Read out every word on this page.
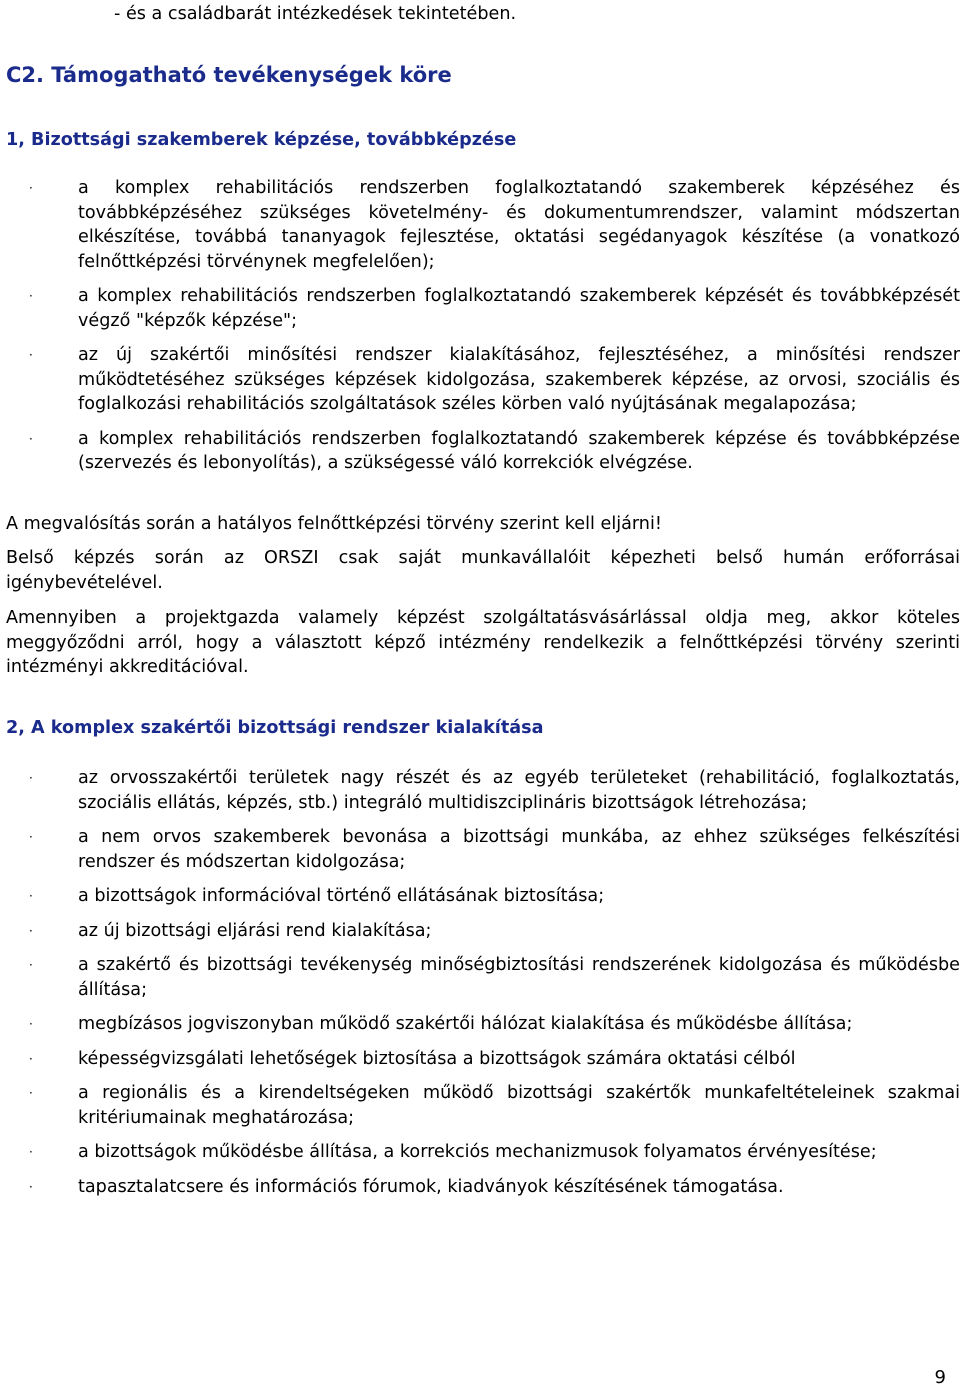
- és a családbarát intézkedések tekintetében.
C2. Támogatható tevékenységek köre
1, Bizottsági szakemberek képzése, továbbképzése
·	a komplex rehabilitációs rendszerben foglalkoztatandó szakemberek képzéséhez és továbbképzéséhez szükséges követelmény- és dokumentumrendszer, valamint módszertan elkészítése, továbbá tananyagok fejlesztése, oktatási segédanyagok készítése (a vonatkozó felnőttképzési törvénynek megfelelően);
·	a komplex rehabilitációs rendszerben foglalkoztatandó szakemberek képzését és továbbképzését végző "képzők képzése";
·	az új szakértői minősítési rendszer kialakításához, fejlesztéséhez, a minősítési rendszer működtetéséhez szükséges képzések kidolgozása, szakemberek képzése, az orvosi, szociális és foglalkozási rehabilitációs szolgáltatások széles körben való nyújtásának megalapozása;
·	a komplex rehabilitációs rendszerben foglalkoztatandó szakemberek képzése és továbbképzése (szervezés és lebonyolítás), a szükségessé váló korrekciók elvégzése.

A megvalósítás során a hatályos felnőttképzési törvény szerint kell eljárni!

Belső képzés során az ORSZI csak saját munkavállalóit képezheti belső humán erőforrásai igénybevételével.

Amennyiben a projektgazda valamely képzést szolgáltatásvásárlással oldja meg, akkor köteles meggyőződni arról, hogy a választott képző intézmény rendelkezik a felnőttképzési törvény szerinti intézményi akkreditációval.

2, A komplex szakértői bizottsági rendszer kialakítása
·	az orvosszakértői területek nagy részét és az egyéb területeket (rehabilitáció, foglalkoztatás, szociális ellátás, képzés, stb.) integráló multidiszciplináris bizottságok létrehozása;
·	a nem orvos szakemberek bevonása a bizottsági munkába, az ehhez szükséges felkészítési rendszer és módszertan kidolgozása;
·	a bizottságok információval történő ellátásának biztosítása;
·	az új bizottsági eljárási rend kialakítása;
·	a szakértő és bizottsági tevékenység minőségbiztosítási rendszerének kidolgozása és működésbe állítása;
·	megbízásos jogviszonyban működő szakértői hálózat kialakítása és működésbe állítása;
·	képességvizsgálati lehetőségek biztosítása a bizottságok számára oktatási célból
·	a regionális és a kirendeltségeken működő bizottsági szakértők munkafeltételeinek szakmai kritériumainak meghatározása;
·	a bizottságok működésbe állítása, a korrekciós mechanizmusok folyamatos érvényesítése;
·	tapasztalatcsere és információs fórumok, kiadványok készítésének támogatása.
9
